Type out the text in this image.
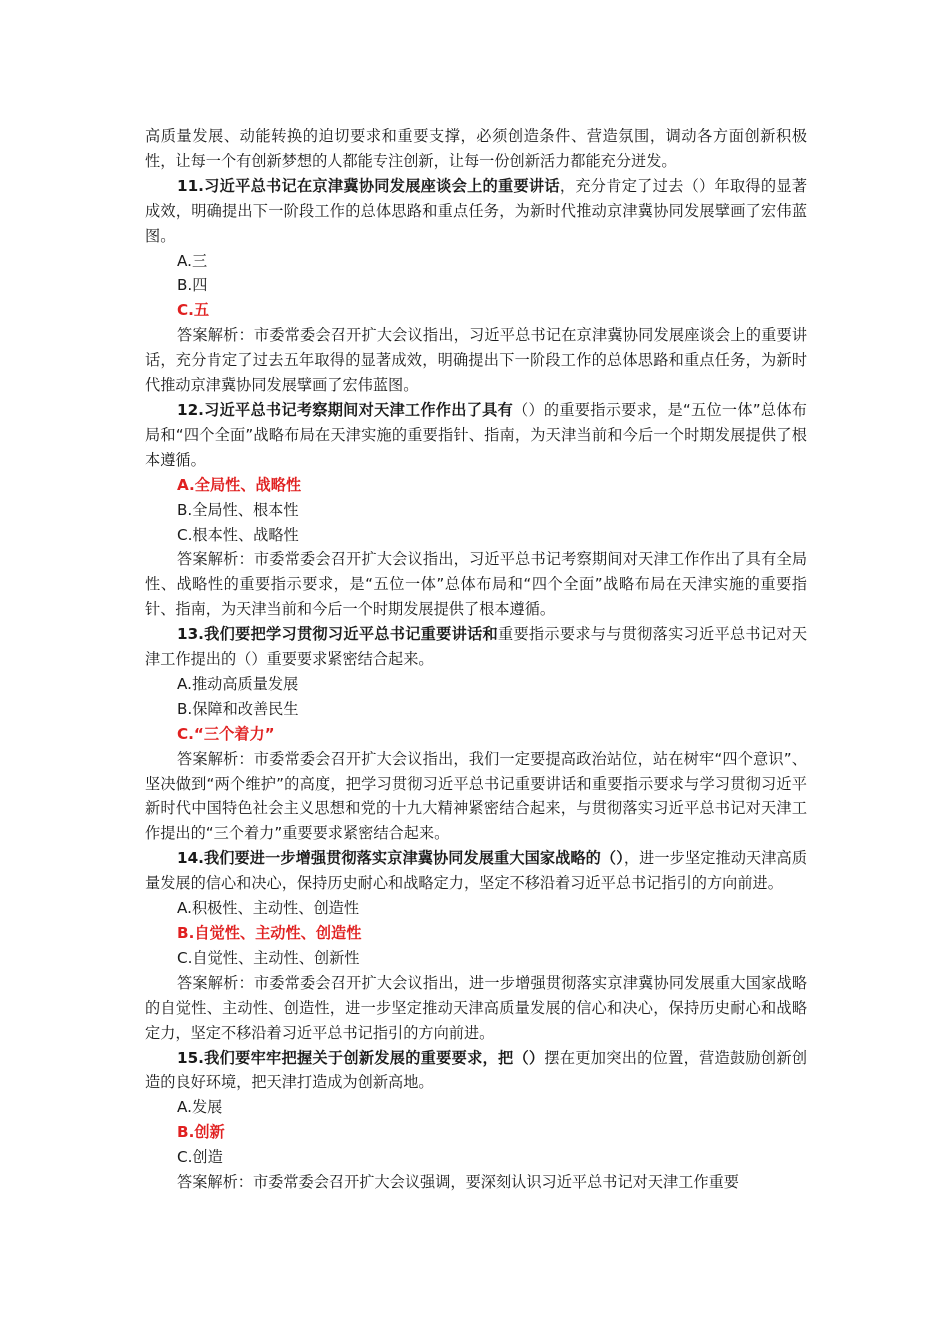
高质量发展、动能转换的迫切要求和重要支撑，必须创造条件、营造氛围，调动各方面创新积极性，让每一个有创新梦想的人都能专注创新，让每一份创新活力都能充分迸发。

11.习近平总书记在京津冀协同发展座谈会上的重要讲话，充分肯定了过去（）年取得的显著成效，明确提出下一阶段工作的总体思路和重点任务，为新时代推动京津冀协同发展擘画了宏伟蓝图。

A.三

B.四

C.五

答案解析：市委常委会召开扩大会议指出，习近平总书记在京津冀协同发展座谈会上的重要讲话，充分肯定了过去五年取得的显著成效，明确提出下一阶段工作的总体思路和重点任务，为新时代推动京津冀协同发展擘画了宏伟蓝图。

12.习近平总书记考察期间对天津工作作出了具有（）的重要指示要求，是“五位一体”总体布局和“四个全面”战略布局在天津实施的重要指针、指南，为天津当前和今后一个时期发展提供了根本遵循。

A.全局性、战略性

B.全局性、根本性

C.根本性、战略性

答案解析：市委常委会召开扩大会议指出，习近平总书记考察期间对天津工作作出了具有全局性、战略性的重要指示要求，是“五位一体”总体布局和“四个全面”战略布局在天津实施的重要指针、指南，为天津当前和今后一个时期发展提供了根本遵循。

13.我们要把学习贯彻习近平总书记重要讲话和重要指示要求与与贯彻落实习近平总书记对天津工作提出的（）重要要求紧密结合起来。

A.推动高质量发展

B.保障和改善民生

C.“三个着力”

答案解析：市委常委会召开扩大会议指出，我们一定要提高政治站位，站在树牢“四个意识”、坚决做到“两个维护”的高度，把学习贯彻习近平总书记重要讲话和重要指示要求与学习贯彻习近平新时代中国特色社会主义思想和党的十九大精神紧密结合起来，与贯彻落实习近平总书记对天津工作提出的“三个着力”重要要求紧密结合起来。

14.我们要进一步增强贯彻落实京津冀协同发展重大国家战略的（），进一步坚定推动天津高质量发展的信心和决心，保持历史耐心和战略定力，坚定不移沿着习近平总书记指引的方向前进。

A.积极性、主动性、创造性

B.自觉性、主动性、创造性

C.自觉性、主动性、创新性

答案解析：市委常委会召开扩大会议指出，进一步增强贯彻落实京津冀协同发展重大国家战略的自觉性、主动性、创造性，进一步坚定推动天津高质量发展的信心和决心，保持历史耐心和战略定力，坚定不移沿着习近平总书记指引的方向前进。

15.我们要牢牢把握关于创新发展的重要要求，把（）摆在更加突出的位置，营造鼓励创新创造的良好环境，把天津打造成为创新高地。

A.发展

B.创新

C.创造

答案解析：市委常委会召开扩大会议强调，要深刻认识习近平总书记对天津工作重要
